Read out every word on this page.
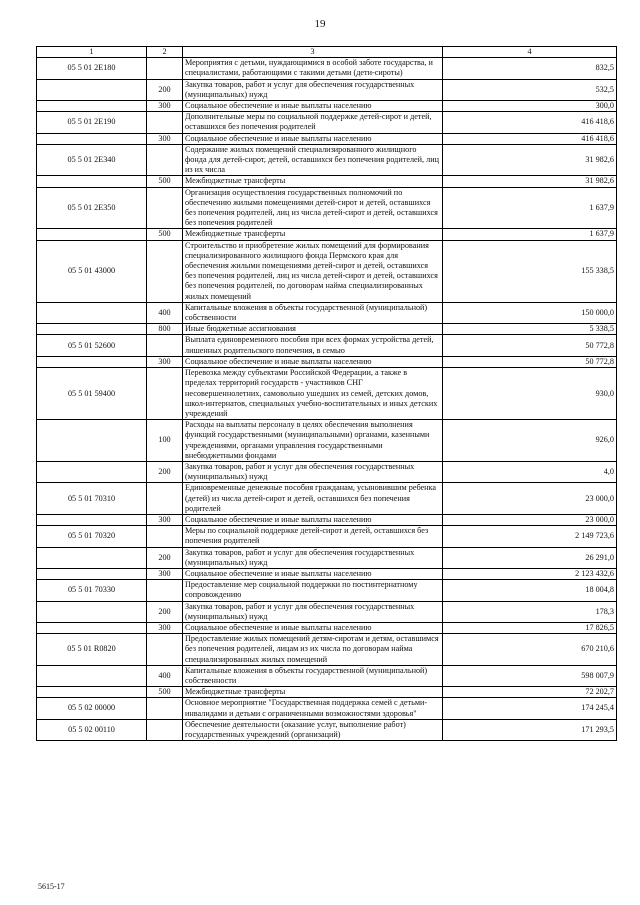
19
1	2	3	4
05 5 01 2Е180		Мероприятия с детьми, нуждающимися в особой заботе государства, и специалистами, работающими с такими детьми (дети-сироты)	832,5
	200	Закупка товаров, работ и услуг для обеспечения государственных (муниципальных) нужд	532,5
	300	Социальное обеспечение и иные выплаты населению	300,0
05 5 01 2Е190		Дополнительные меры по социальной поддержке детей-сирот и детей, оставшихся без попечения родителей	416 418,6
	300	Социальное обеспечение и иные выплаты населению	416 418,6
05 5 01 2Е340		Содержание жилых помещений специализированного жилищного фонда для детей-сирот, детей, оставшихся без попечения родителей, лиц из их числа	31 982,6
	500	Межбюджетные трансферты	31 982,6
05 5 01 2Е350		Организация осуществления государственных полномочий по обеспечению жилыми помещениями детей-сирот и детей, оставшихся без попечения родителей, лиц из числа детей-сирот и детей, оставшихся без попечения родителей	1 637,9
	500	Межбюджетные трансферты	1 637,9
05 5 01 43000		Строительство и приобретение жилых помещений для формирования специализированного жилищного фонда Пермского края для обеспечения жилыми помещениями детей-сирот и детей, оставшихся без попечения родителей, лиц из числа детей-сирот и детей, оставшихся без попечения родителей, по договорам найма специализированных жилых помещений	155 338,5
	400	Капитальные вложения в объекты государственной (муниципальной) собственности	150 000,0
	800	Иные бюджетные ассигнования	5 338,5
05 5 01 52600		Выплата единовременного пособия при всех формах устройства детей, лишенных родительского попечения, в семью	50 772,8
	300	Социальное обеспечение и иные выплаты населению	50 772,8
05 5 01 59400		Перевозка между субъектами Российской Федерации, а также в пределах территорий государств - участников СНГ несовершеннолетних, самовольно ушедших из семей, детских домов, школ-интернатов, специальных учебно-воспитательных и иных детских учреждений	930,0
	100	Расходы на выплаты персоналу в целях обеспечения выполнения функций государственными (муниципальными) органами, казенными учреждениями, органами управления государственными внебюджетными фондами	926,0
	200	Закупка товаров, работ и услуг для обеспечения государственных (муниципальных) нужд	4,0
05 5 01 70310		Единовременные денежные пособия гражданам, усыновившим ребенка (детей) из числа детей-сирот и детей, оставшихся без попечения родителей	23 000,0
	300	Социальное обеспечение и иные выплаты населению	23 000,0
05 5 01 70320		Меры по социальной поддержке детей-сирот и детей, оставшихся без попечения родителей	2 149 723,6
	200	Закупка товаров, работ и услуг для обеспечения государственных (муниципальных) нужд	26 291,0
	300	Социальное обеспечение и иные выплаты населению	2 123 432,6
05 5 01 70330		Предоставление мер социальной поддержки по постинтернатному сопровождению	18 004,8
	200	Закупка товаров, работ и услуг для обеспечения государственных (муниципальных) нужд	178,3
	300	Социальное обеспечение и иные выплаты населению	17 826,5
05 5 01 R0820		Предоставление жилых помещений детям-сиротам и детям, оставшимся без попечения родителей, лицам из их числа по договорам найма специализированных жилых помещений	670 210,6
	400	Капитальные вложения в объекты государственной (муниципальной) собственности	598 007,9
	500	Межбюджетные трансферты	72 202,7
05 5 02 00000		Основное мероприятие "Государственная поддержка семей с детьми-инвалидами и детьми с ограниченными возможностями здоровья"	174 245,4
05 5 02 00110		Обеспечение деятельности (оказание услуг, выполнение работ) государственных учреждений (организаций)	171 293,5
5615-17
